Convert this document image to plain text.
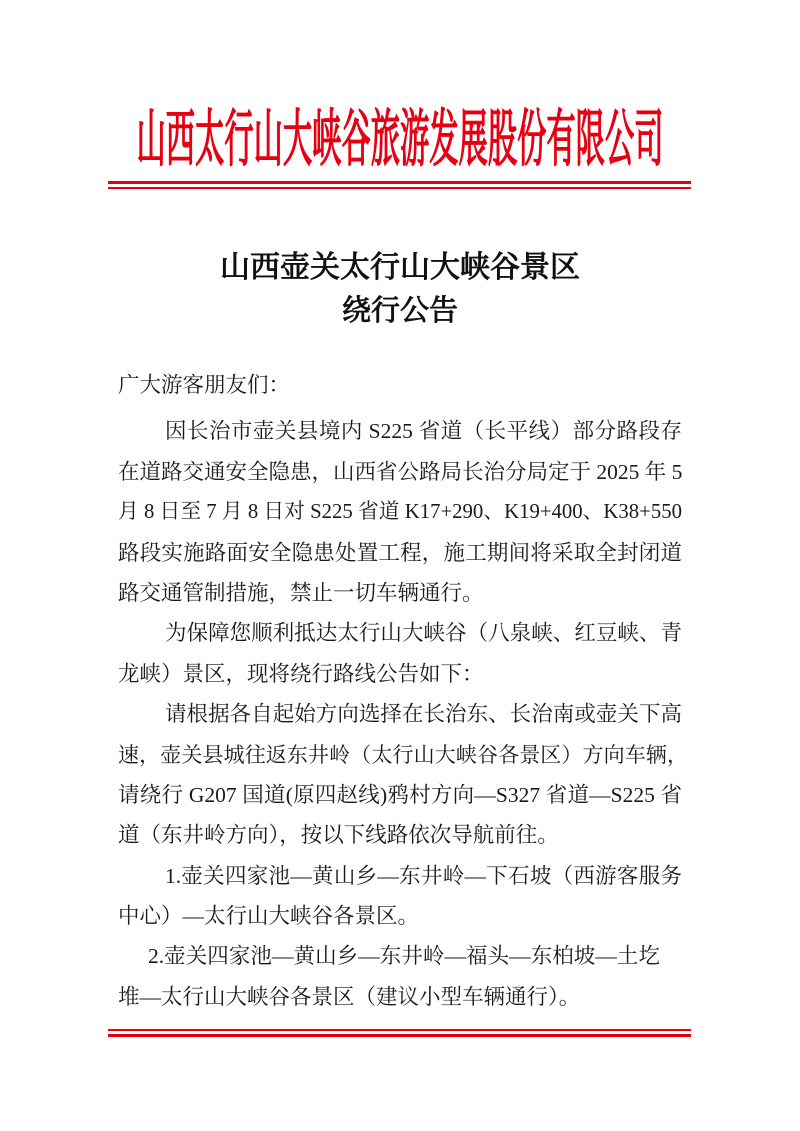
山西太行山大峡谷旅游发展股份有限公司
山西壶关太行山大峡谷景区
绕行公告
广大游客朋友们：
因长治市壶关县境内 S225 省道（长平线）部分路段存
在道路交通安全隐患，山西省公路局长治分局定于 2025 年 5
月 8 日至 7 月 8 日对 S225 省道 K17+290、K19+400、K38+550
路段实施路面安全隐患处置工程，施工期间将采取全封闭道
路交通管制措施，禁止一切车辆通行。
为保障您顺利抵达太行山大峡谷（八泉峡、红豆峡、青
龙峡）景区，现将绕行路线公告如下：
请根据各自起始方向选择在长治东、长治南或壶关下高
速，壶关县城往返东井岭（太行山大峡谷各景区）方向车辆，
请绕行 G207 国道(原四赵线)鸦村方向—S327 省道—S225 省
道（东井岭方向），按以下线路依次导航前往。
1.壶关四家池—黄山乡—东井岭—下石坡（西游客服务
中心）—太行山大峡谷各景区。
2.壶关四家池—黄山乡—东井岭—福头—东柏坡—土圪
堆—太行山大峡谷各景区（建议小型车辆通行）。
